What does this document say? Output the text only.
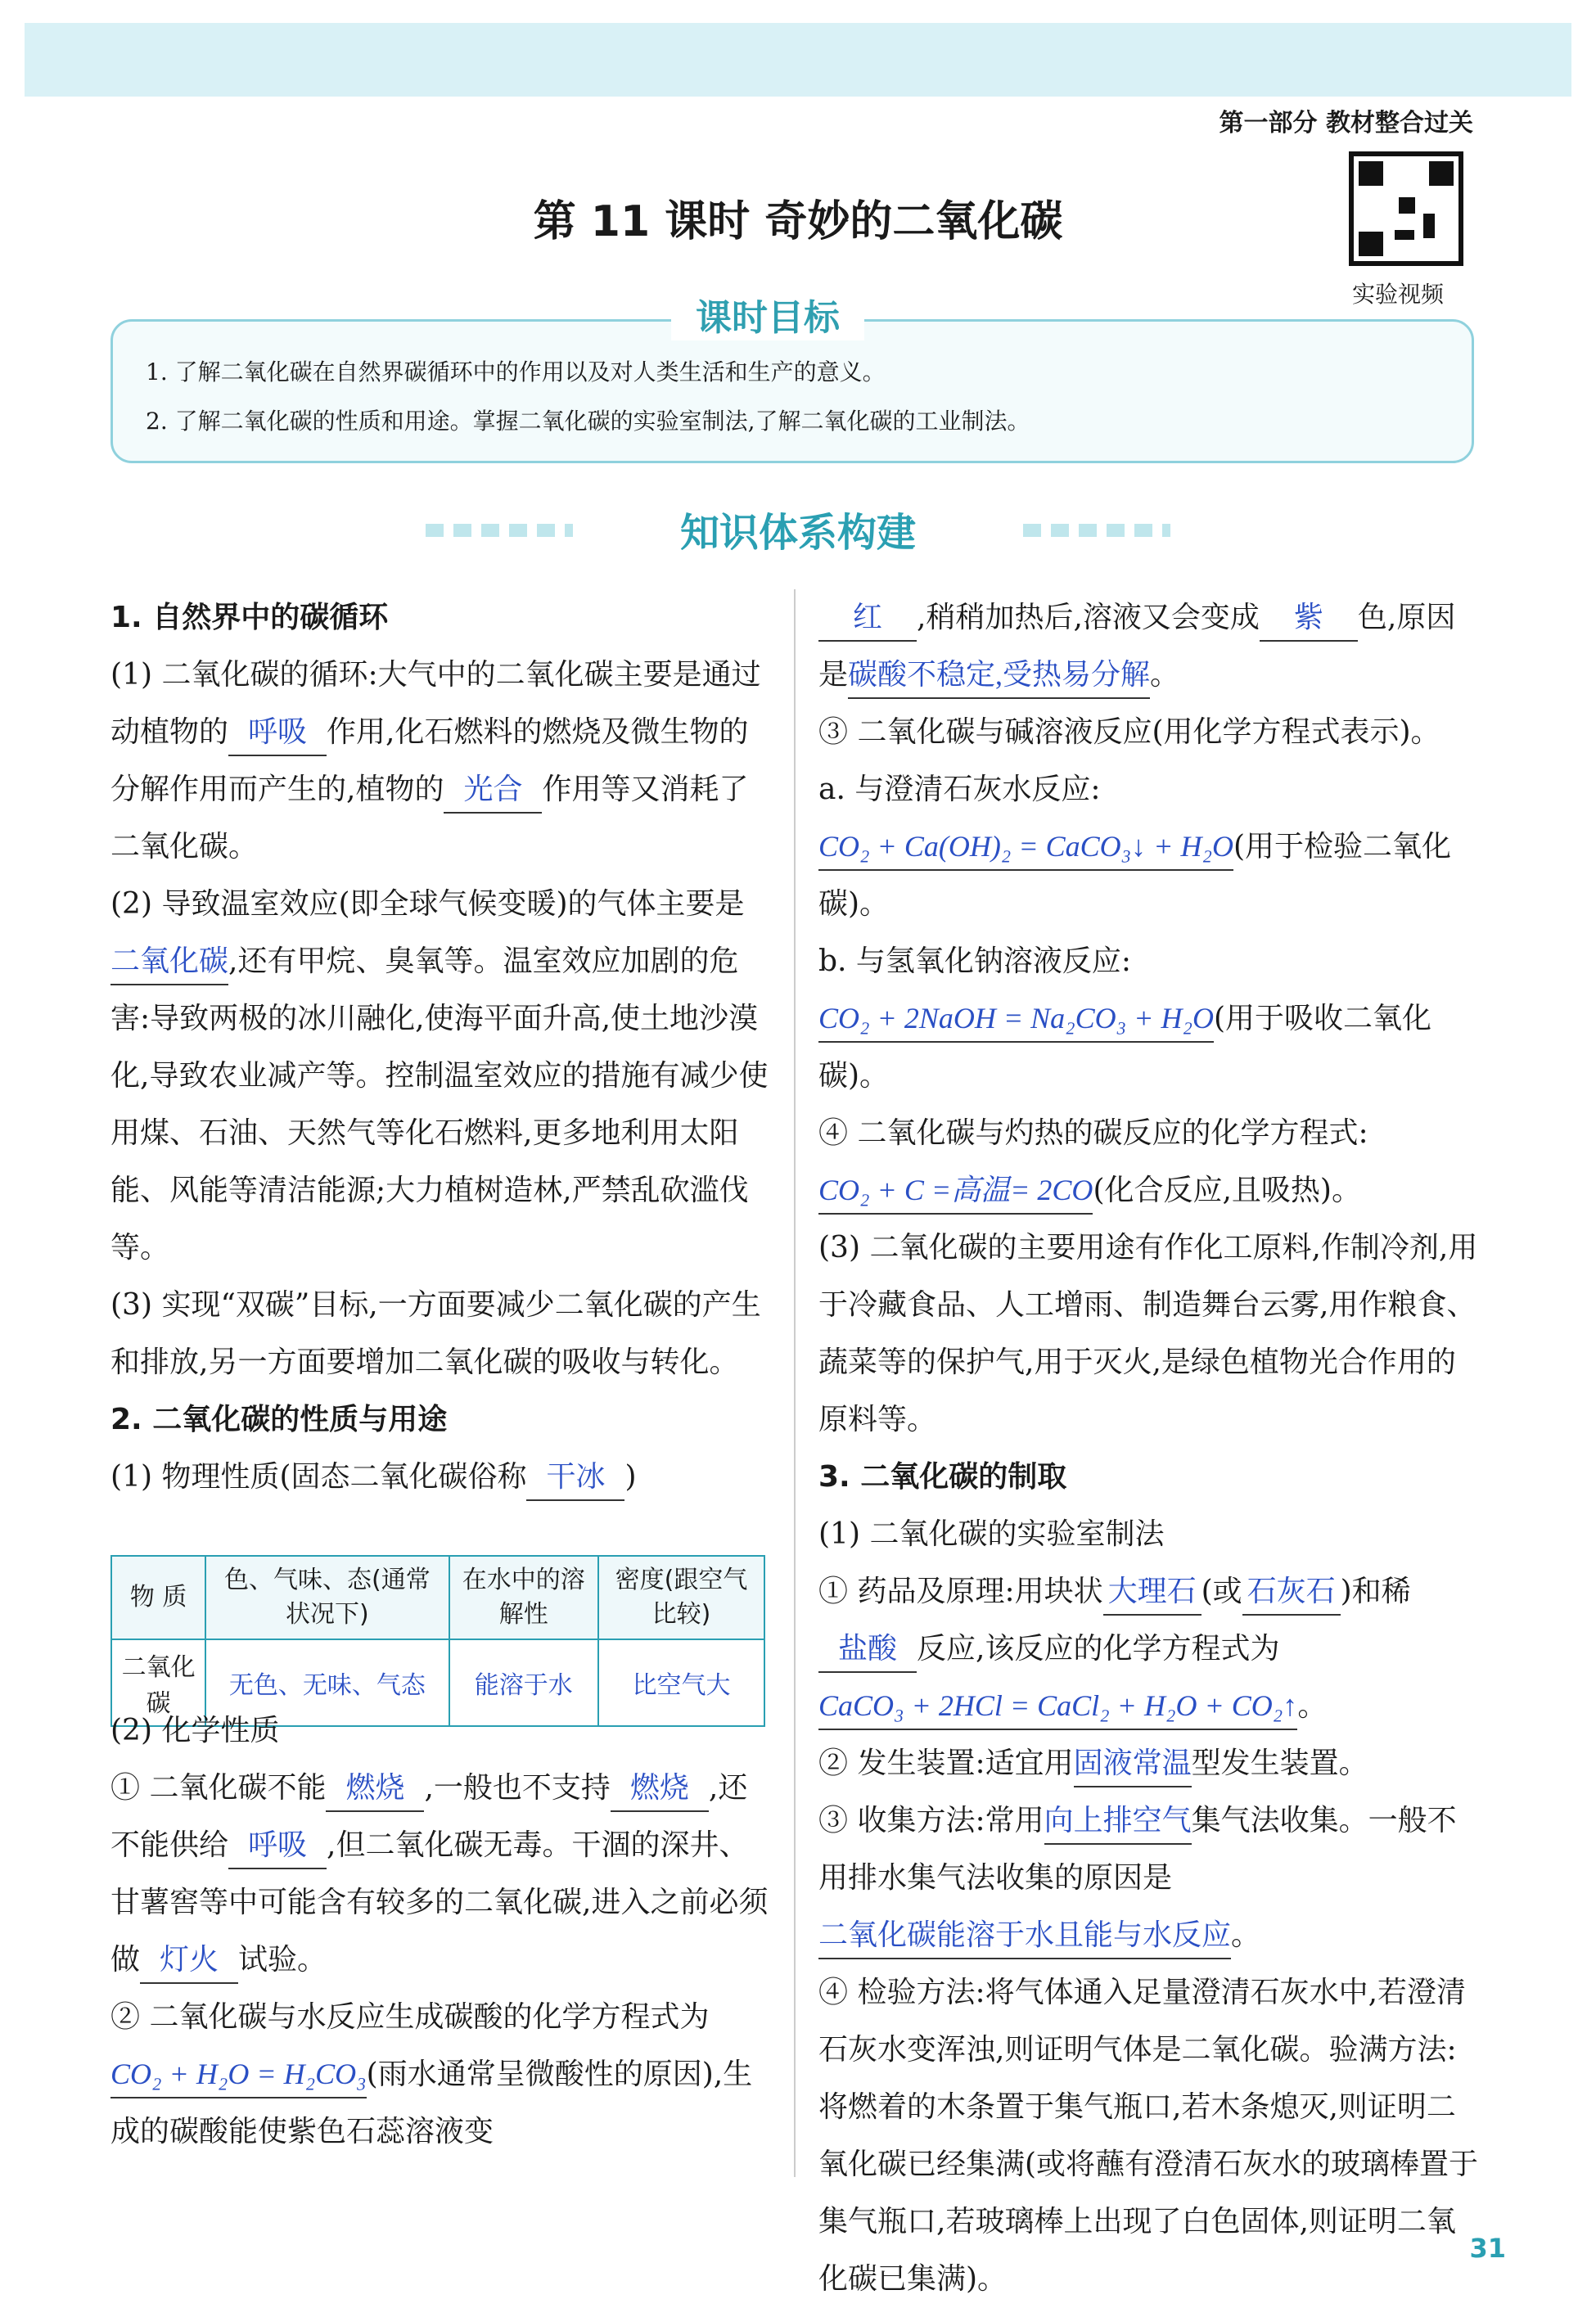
第一部分 教材整合过关
实验视频
第 11 课时 奇妙的二氧化碳
1. 了解二氧化碳在自然界碳循环中的作用以及对人类生活和生产的意义。
2. 了解二氧化碳的性质和用途。掌握二氧化碳的实验室制法,了解二氧化碳的工业制法。
课时目标
知识体系构建

1. 自然界中的碳循环

(1) 二氧化碳的循环:大气中的二氧化碳主要是通过动植物的 呼吸 作用,化石燃料的燃烧及微生物的分解作用而产生的,植物的 光合 作用等又消耗了二氧化碳。

(2) 导致温室效应(即全球气候变暖)的气体主要是二氧化碳,还有甲烷、臭氧等。温室效应加剧的危害:导致两极的冰川融化,使海平面升高,使土地沙漠化,导致农业减产等。控制温室效应的措施有减少使用煤、石油、天然气等化石燃料,更多地利用太阳能、风能等清洁能源;大力植树造林,严禁乱砍滥伐等。

(3) 实现“双碳”目标,一方面要减少二氧化碳的产生和排放,另一方面要增加二氧化碳的吸收与转化。

2. 二氧化碳的性质与用途

(1) 物理性质(固态二氧化碳俗称 干冰 )

物 质	色、气味、态(通常状况下)	在水中的溶解性	密度(跟空气比较)
二氧化碳	无色、无味、气态	能溶于水	比空气大

(2) 化学性质

① 二氧化碳不能 燃烧 ,一般也不支持 燃烧 ,还不能供给 呼吸 ,但二氧化碳无毒。干涸的深井、甘薯窖等中可能含有较多的二氧化碳,进入之前必须做 灯火 试验。

② 二氧化碳与水反应生成碳酸的化学方程式为CO₂ + H₂O = H₂CO₃(雨水通常呈微酸性的原因),生成的碳酸能使紫色石蕊溶液变

红 ,稍稍加热后,溶液又会变成 紫 色,原因是碳酸不稳定,受热易分解。

③ 二氧化碳与碱溶液反应(用化学方程式表示)。

a. 与澄清石灰水反应:CO₂ + Ca(OH)₂ = CaCO₃↓ + H₂O(用于检验二氧化碳)。

b. 与氢氧化钠溶液反应:CO₂ + 2NaOH = Na₂CO₃ + H₂O(用于吸收二氧化碳)。

④ 二氧化碳与灼热的碳反应的化学方程式:CO₂ + C =高温= 2CO(化合反应,且吸热)。

(3) 二氧化碳的主要用途有作化工原料,作制冷剂,用于冷藏食品、人工增雨、制造舞台云雾,用作粮食、蔬菜等的保护气,用于灭火,是绿色植物光合作用的原料等。

3. 二氧化碳的制取

(1) 二氧化碳的实验室制法

① 药品及原理:用块状 大理石 (或 石灰石 )和稀盐酸 反应,该反应的化学方程式为CaCO₃ + 2HCl = CaCl₂ + H₂O + CO₂↑。

② 发生装置:适宜用固液常温型发生装置。

③ 收集方法:常用向上排空气集气法收集。一般不用排水集气法收集的原因是二氧化碳能溶于水且能与水反应。

④ 检验方法:将气体通入足量澄清石灰水中,若澄清石灰水变浑浊,则证明气体是二氧化碳。验满方法:将燃着的木条置于集气瓶口,若木条熄灭,则证明二氧化碳已经集满(或将蘸有澄清石灰水的玻璃棒置于集气瓶口,若玻璃棒上出现了白色固体,则证明二氧化碳已集满)。

31
